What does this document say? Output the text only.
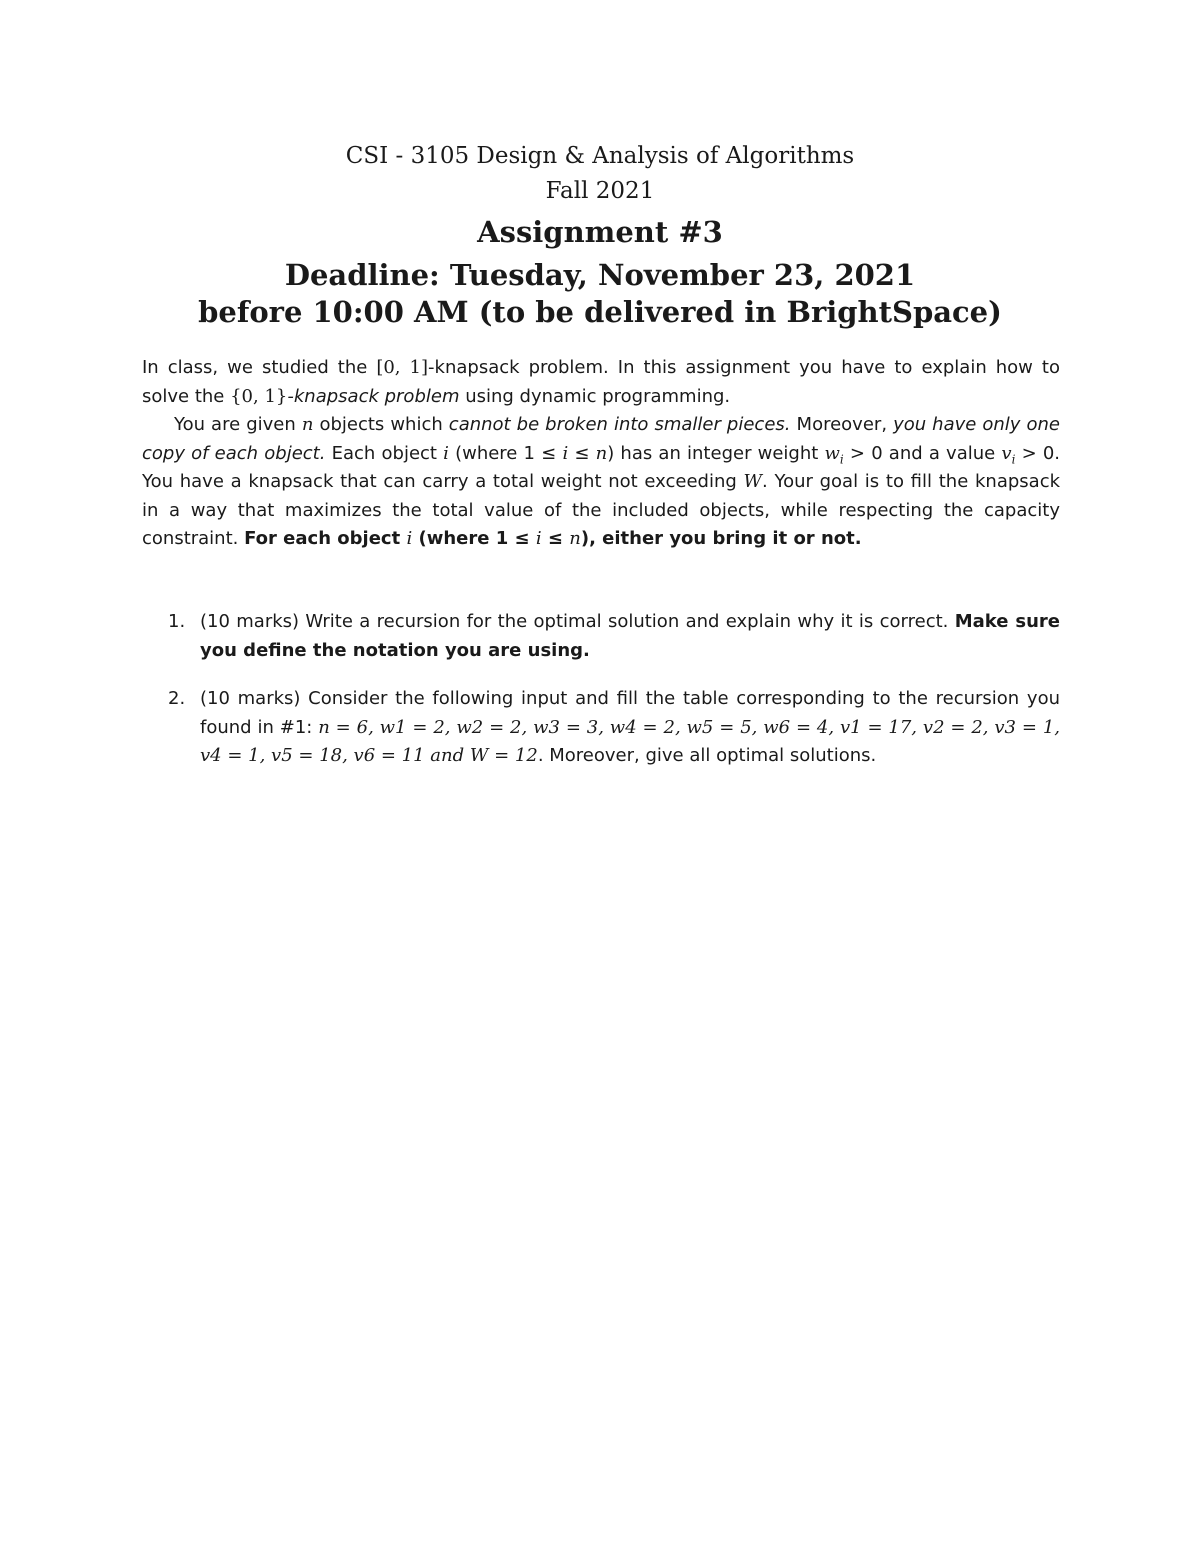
CSI - 3105 Design & Analysis of Algorithms
Fall 2021
Assignment #3
Deadline: Tuesday, November 23, 2021
before 10:00 AM (to be delivered in BrightSpace)
In class, we studied the [0, 1]-knapsack problem. In this assignment you have to explain how to solve the {0, 1}-knapsack problem using dynamic programming.
You are given n objects which cannot be broken into smaller pieces. Moreover, you have only one copy of each object. Each object i (where 1 ≤ i ≤ n) has an integer weight $w_i > 0$ and a value $v_i > 0$. You have a knapsack that can carry a total weight not exceeding W. Your goal is to fill the knapsack in a way that maximizes the total value of the included objects, while respecting the capacity constraint. For each object i (where 1 ≤ i ≤ n), either you bring it or not.
1. (10 marks) Write a recursion for the optimal solution and explain why it is correct. Make sure you define the notation you are using.
2. (10 marks) Consider the following input and fill the table corresponding to the recursion you found in #1: n = 6, w1 = 2, w2 = 2, w3 = 3, w4 = 2, w5 = 5, w6 = 4, v1 = 17, v2 = 2, v3 = 1, v4 = 1, v5 = 18, v6 = 11 and W = 12. Moreover, give all optimal solutions.
